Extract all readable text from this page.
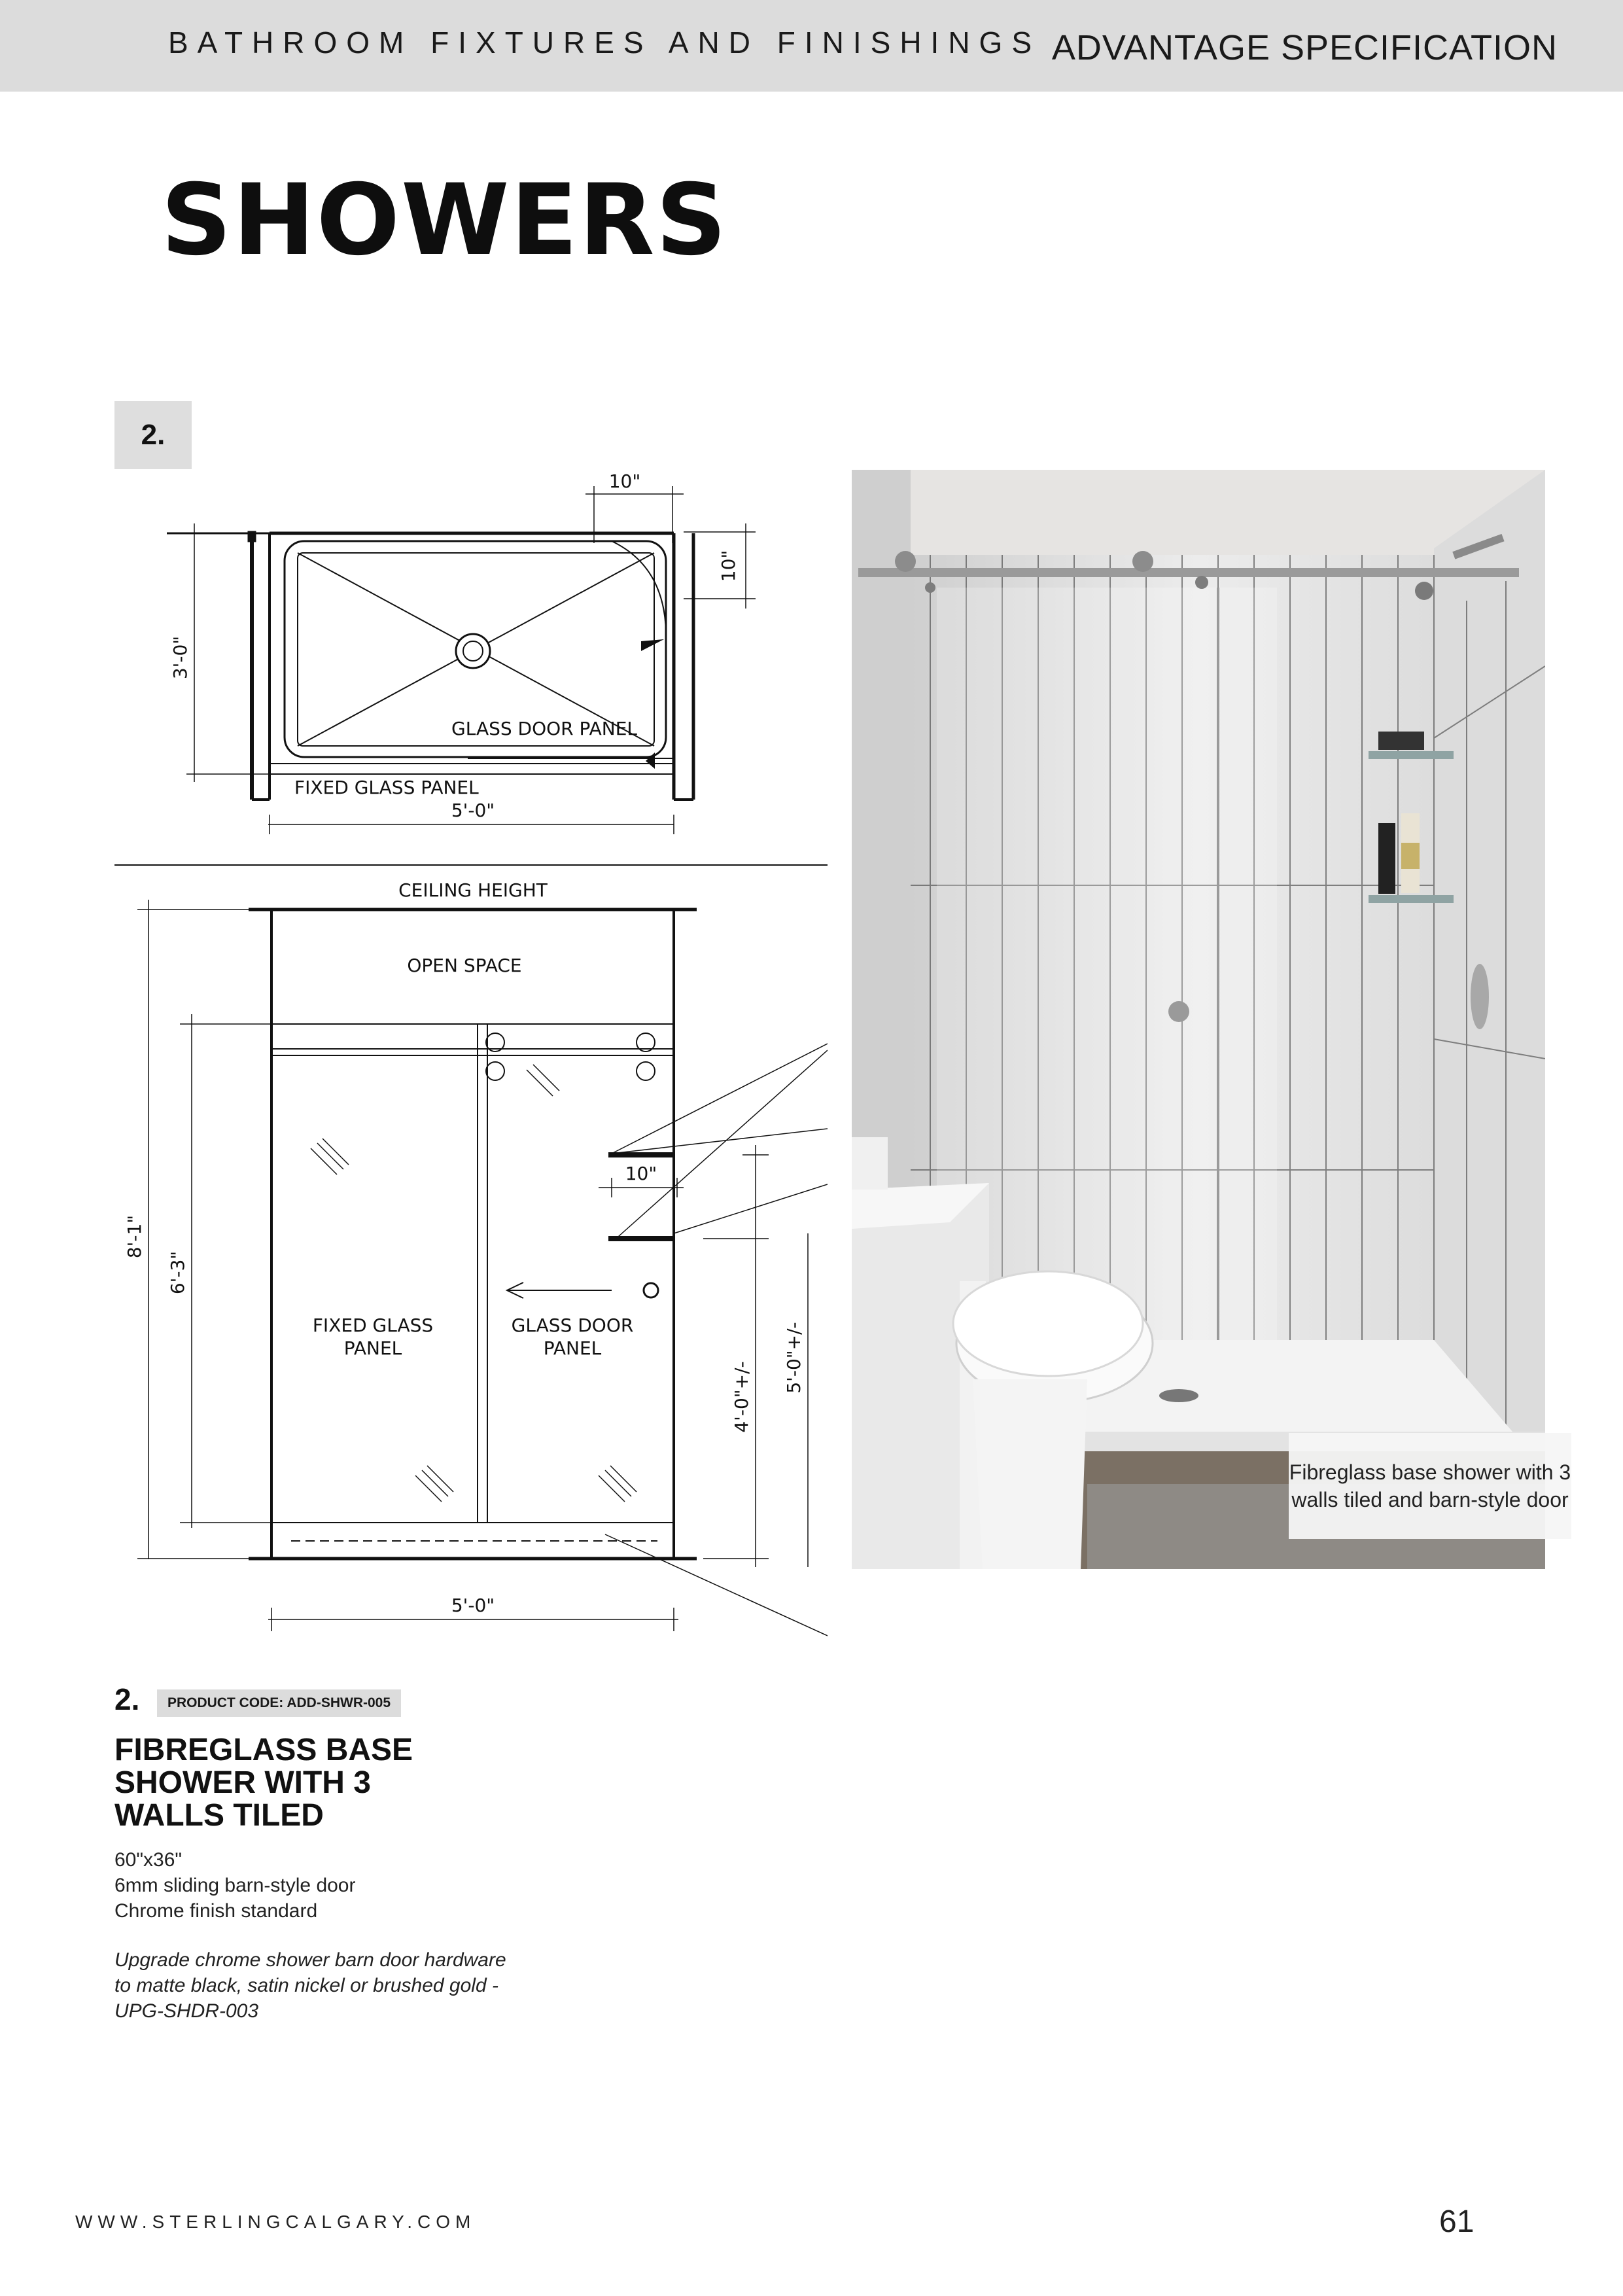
BATHROOM FIXTURES AND FINISHINGS ADVANTAGE SPECIFICATION
SHOWERS
2.
10"
10"
3'-0"
GLASS DOOR PANEL
FIXED GLASS PANEL
5'-0"
CEILING HEIGHT
OPEN SPACE
10"
8'-1"
6'-3"
4'-0"+/-
5'-0"+/-
FIXED GLASS
PANEL
GLASS DOOR
PANEL
5'-0"
Fibreglass base shower with 3 walls tiled and barn-style door
2.	PRODUCT CODE: ADD-SHWR-005
FIBREGLASS BASE SHOWER WITH 3 WALLS TILED
60"x36"
6mm sliding barn-style door
Chrome finish standard
Upgrade chrome shower barn door hardware to matte black, satin nickel or brushed gold - UPG-SHDR-003
WWW.STERLINGCALGARY.COM	61
